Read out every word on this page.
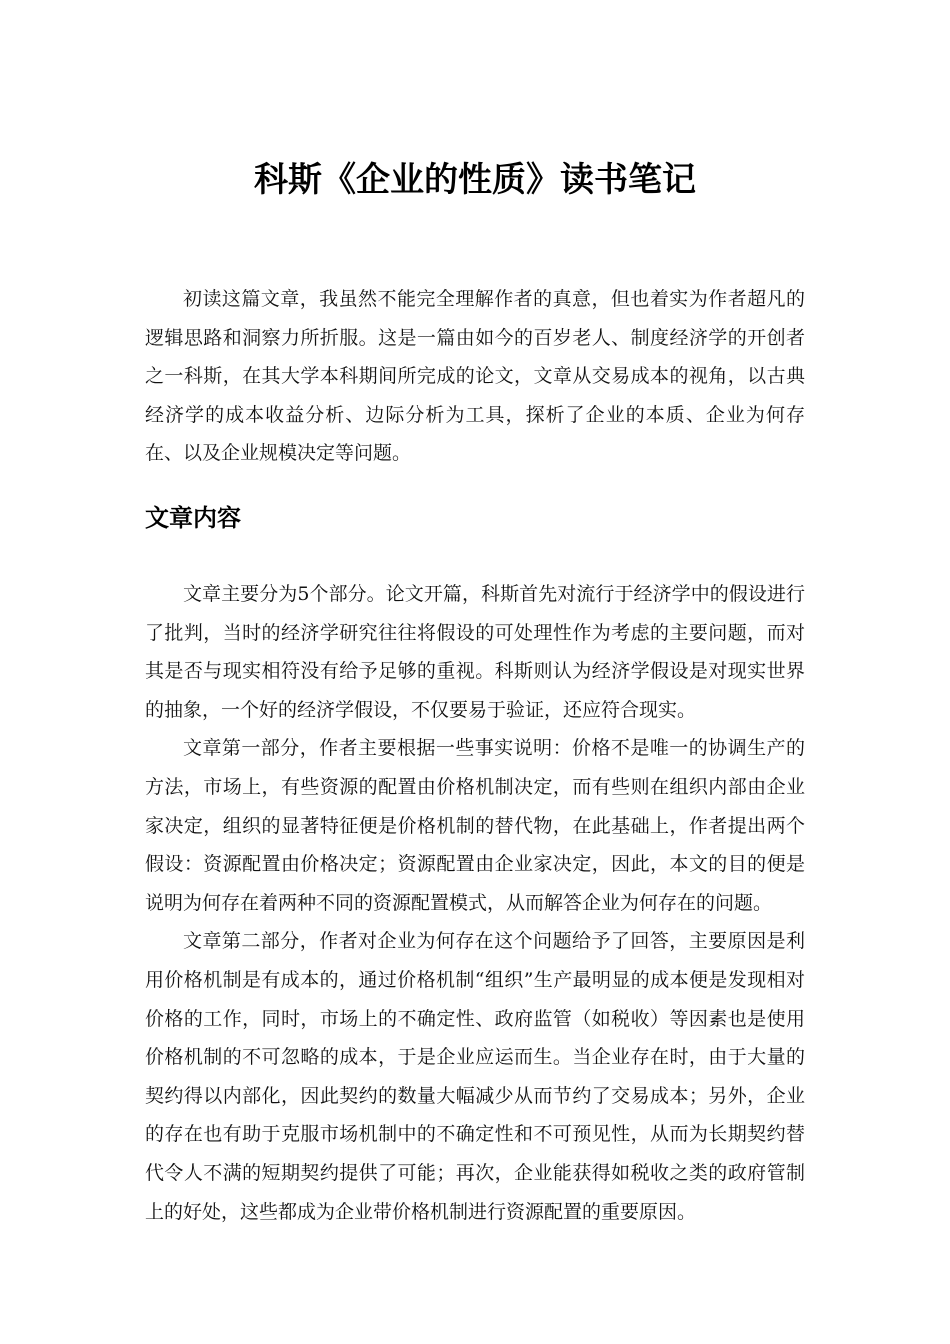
科斯《企业的性质》读书笔记

初读这篇文章，我虽然不能完全理解作者的真意，但也着实为作者超凡的逻辑思路和洞察力所折服。这是一篇由如今的百岁老人、制度经济学的开创者之一科斯，在其大学本科期间所完成的论文，文章从交易成本的视角，以古典经济学的成本收益分析、边际分析为工具，探析了企业的本质、企业为何存在、以及企业规模决定等问题。

文章内容

文章主要分为5个部分。论文开篇，科斯首先对流行于经济学中的假设进行了批判，当时的经济学研究往往将假设的可处理性作为考虑的主要问题，而对其是否与现实相符没有给予足够的重视。科斯则认为经济学假设是对现实世界的抽象，一个好的经济学假设，不仅要易于验证，还应符合现实。

文章第一部分，作者主要根据一些事实说明：价格不是唯一的协调生产的方法，市场上，有些资源的配置由价格机制决定，而有些则在组织内部由企业家决定，组织的显著特征便是价格机制的替代物，在此基础上，作者提出两个假设：资源配置由价格决定；资源配置由企业家决定，因此，本文的目的便是说明为何存在着两种不同的资源配置模式，从而解答企业为何存在的问题。

文章第二部分，作者对企业为何存在这个问题给予了回答，主要原因是利用价格机制是有成本的，通过价格机制“组织”生产最明显的成本便是发现相对价格的工作，同时，市场上的不确定性、政府监管（如税收）等因素也是使用价格机制的不可忽略的成本，于是企业应运而生。当企业存在时，由于大量的契约得以内部化，因此契约的数量大幅减少从而节约了交易成本；另外，企业的存在也有助于克服市场机制中的不确定性和不可预见性，从而为长期契约替代令人不满的短期契约提供了可能；再次，企业能获得如税收之类的政府管制上的好处，这些都成为企业带价格机制进行资源配置的重要原因。
